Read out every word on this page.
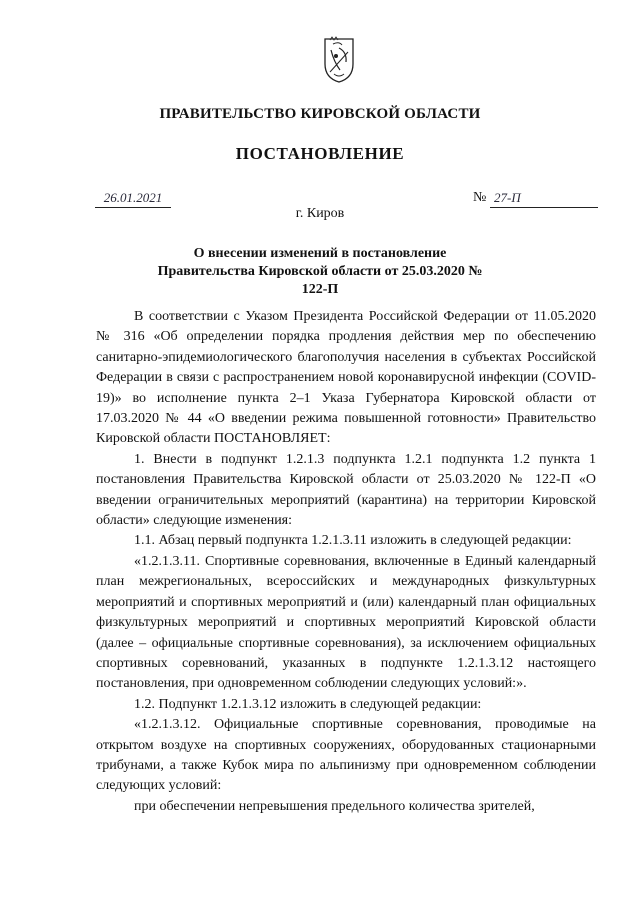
ПРАВИТЕЛЬСТВО КИРОВСКОЙ ОБЛАСТИ
ПОСТАНОВЛЕНИЕ
26.01.2021	№ 27-П
г. Киров
О внесении изменений в постановление Правительства Кировской области от 25.03.2020 № 122-П

В соответствии с Указом Президента Российской Федерации от 11.05.2020 № 316 «Об определении порядка продления действия мер по обеспечению санитарно-эпидемиологического благополучия населения в субъектах Российской Федерации в связи с распространением новой коронавирусной инфекции (COVID-19)» во исполнение пункта 2–1 Указа Губернатора Кировской области от 17.03.2020 № 44 «О введении режима повышенной готовности» Правительство Кировской области ПОСТАНОВЛЯЕТ:

1. Внести в подпункт 1.2.1.3 подпункта 1.2.1 подпункта 1.2 пункта 1 постановления Правительства Кировской области от 25.03.2020 № 122-П «О введении ограничительных мероприятий (карантина) на территории Кировской области» следующие изменения:

1.1. Абзац первый подпункта 1.2.1.3.11 изложить в следующей редакции:

«1.2.1.3.11. Спортивные соревнования, включенные в Единый календарный план межрегиональных, всероссийских и международных физкультурных мероприятий и спортивных мероприятий и (или) календарный план официальных физкультурных мероприятий и спортивных мероприятий Кировской области (далее – официальные спортивные соревнования), за исключением официальных спортивных соревнований, указанных в подпункте 1.2.1.3.12 настоящего постановления, при одновременном соблюдении следующих условий:».

1.2. Подпункт 1.2.1.3.12 изложить в следующей редакции:

«1.2.1.3.12. Официальные спортивные соревнования, проводимые на открытом воздухе на спортивных сооружениях, оборудованных стационарными трибунами, а также Кубок мира по альпинизму при одновременном соблюдении следующих условий:

при обеспечении непревышения предельного количества зрителей,
